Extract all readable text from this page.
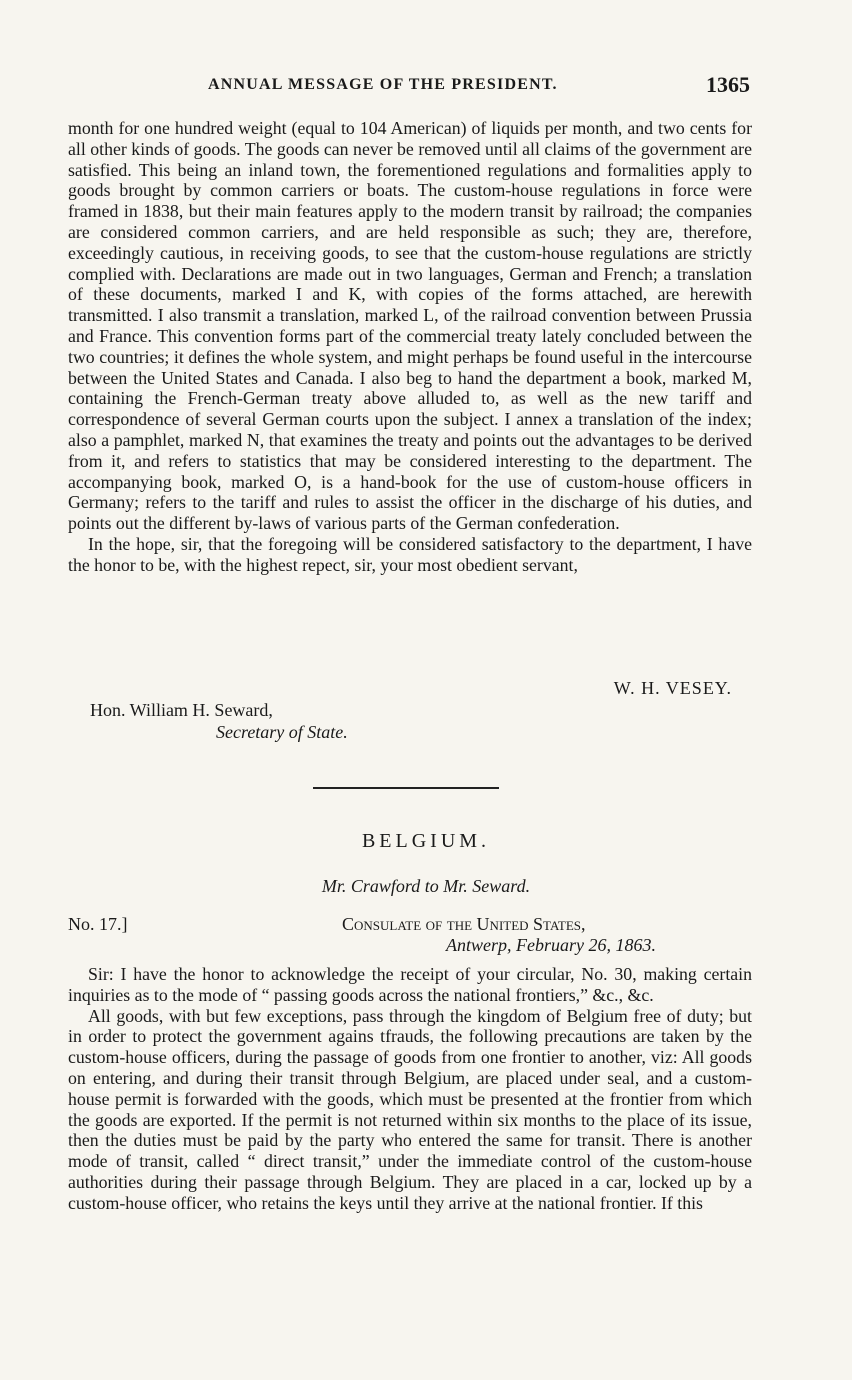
ANNUAL MESSAGE OF THE PRESIDENT.	1365

month for one hundred weight (equal to 104 American) of liquids per month, and two cents for all other kinds of goods. The goods can never be removed until all claims of the government are satisfied. This being an inland town, the forementioned regulations and formalities apply to goods brought by common carriers or boats. The custom-house regulations in force were framed in 1838, but their main features apply to the modern transit by railroad; the companies are considered common carriers, and are held responsible as such; they are, therefore, exceedingly cautious, in receiving goods, to see that the custom-house regulations are strictly complied with. Declarations are made out in two languages, German and French; a translation of these documents, marked I and K, with copies of the forms attached, are herewith transmitted. I also transmit a translation, marked L, of the railroad convention between Prussia and France. This convention forms part of the commercial treaty lately concluded between the two countries; it defines the whole system, and might perhaps be found useful in the intercourse between the United States and Canada. I also beg to hand the department a book, marked M, containing the French-German treaty above alluded to, as well as the new tariff and correspondence of several German courts upon the subject. I annex a translation of the index; also a pamphlet, marked N, that examines the treaty and points out the advantages to be derived from it, and refers to statistics that may be considered interesting to the department. The accompanying book, marked O, is a hand-book for the use of custom-house officers in Germany; refers to the tariff and rules to assist the officer in the discharge of his duties, and points out the different by-laws of various parts of the German confederation.

In the hope, sir, that the foregoing will be considered satisfactory to the department, I have the honor to be, with the highest repect, sir, your most obedient servant,

W. H. VESEY.
Hon. William H. Seward,
Secretary of State.
BELGIUM.
Mr. Crawford to Mr. Seward.
No. 17.]	Consulate of the United States,
Antwerp, February 26, 1863.

Sir: I have the honor to acknowledge the receipt of your circular, No. 30, making certain inquiries as to the mode of “ passing goods across the national frontiers,” &c., &c.

All goods, with but few exceptions, pass through the kingdom of Belgium free of duty; but in order to protect the government agains tfrauds, the following precautions are taken by the custom-house officers, during the passage of goods from one frontier to another, viz: All goods on entering, and during their transit through Belgium, are placed under seal, and a custom-house permit is forwarded with the goods, which must be presented at the frontier from which the goods are exported. If the permit is not returned within six months to the place of its issue, then the duties must be paid by the party who entered the same for transit. There is another mode of transit, called “ direct transit,” under the immediate control of the custom-house authorities during their passage through Belgium. They are placed in a car, locked up by a custom-house officer, who retains the keys until they arrive at the national frontier. If this
